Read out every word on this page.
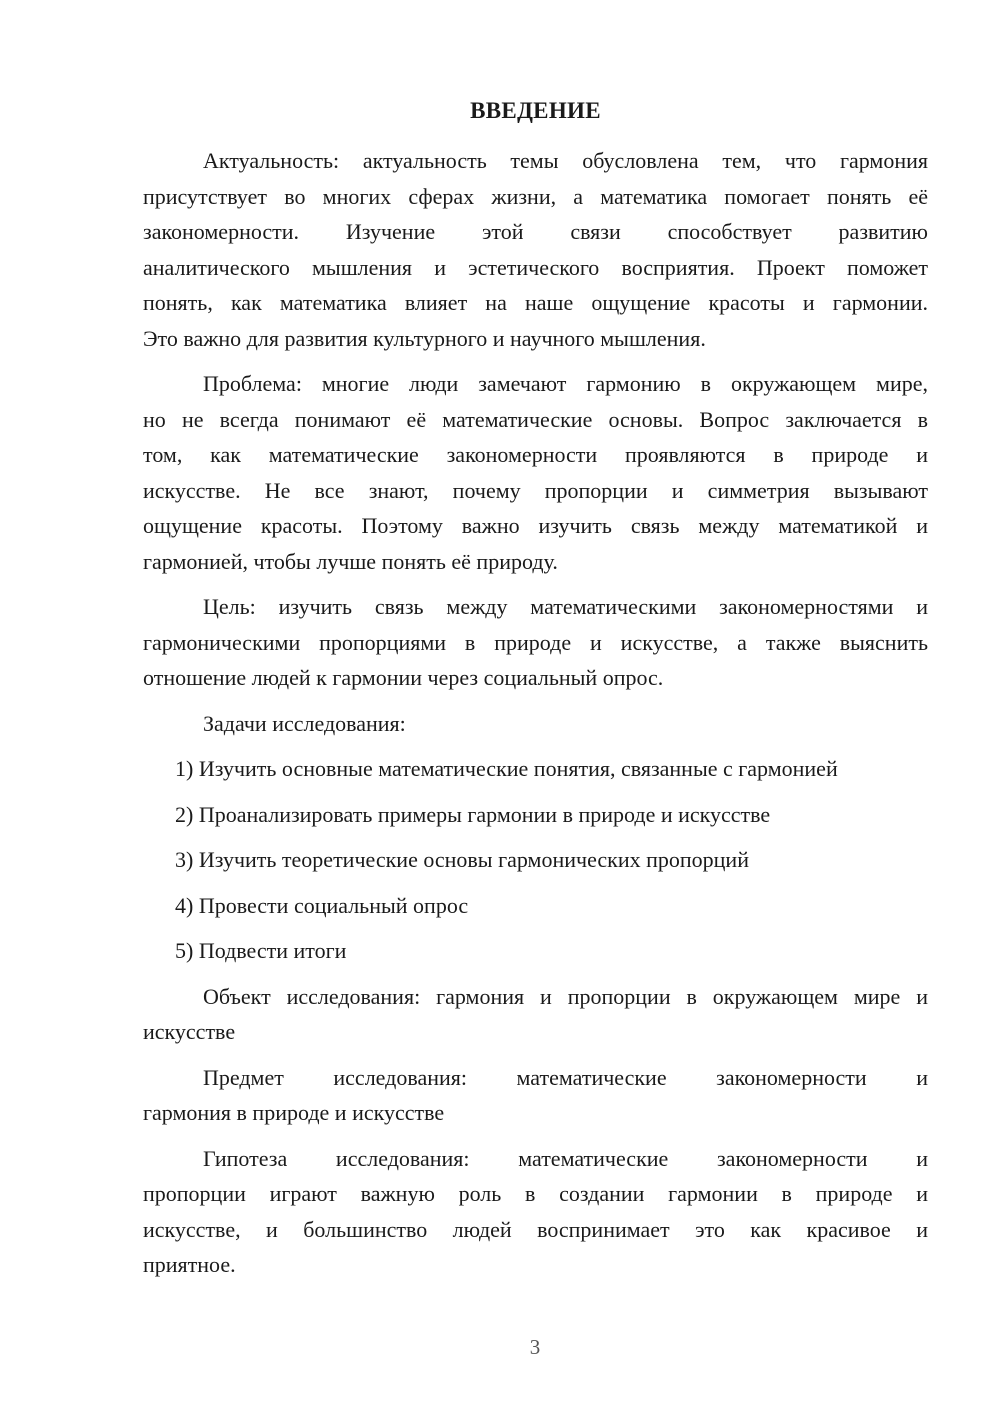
ВВЕДЕНИЕ

Актуальность: актуальность темы обусловлена тем, что гармония
присутствует во многих сферах жизни, а математика помогает понять её
закономерности. Изучение этой связи способствует развитию
аналитического мышления и эстетического восприятия. Проект поможет
понять, как математика влияет на наше ощущение красоты и гармонии.
Это важно для развития культурного и научного мышления.

Проблема: многие люди замечают гармонию в окружающем мире,
но не всегда понимают её математические основы. Вопрос заключается в
том, как математические закономерности проявляются в природе и
искусстве. Не все знают, почему пропорции и симметрия вызывают
ощущение красоты. Поэтому важно изучить связь между математикой и
гармонией, чтобы лучше понять её природу.

Цель: изучить связь между математическими закономерностями и
гармоническими пропорциями в природе и искусстве, а также выяснить
отношение людей к гармонии через социальный опрос.

Задачи исследования:

1) Изучить основные математические понятия, связанные с гармонией

2) Проанализировать примеры гармонии в природе и искусстве

3) Изучить теоретические основы гармонических пропорций

4) Провести социальный опрос

5) Подвести итоги

Объект исследования: гармония и пропорции в окружающем мире и
искусстве

Предмет исследования: математические закономерности и
гармония в природе и искусстве

Гипотеза исследования: математические закономерности и
пропорции играют важную роль в создании гармонии в природе и
искусстве, и большинство людей воспринимает это как красивое и
приятное.

3
